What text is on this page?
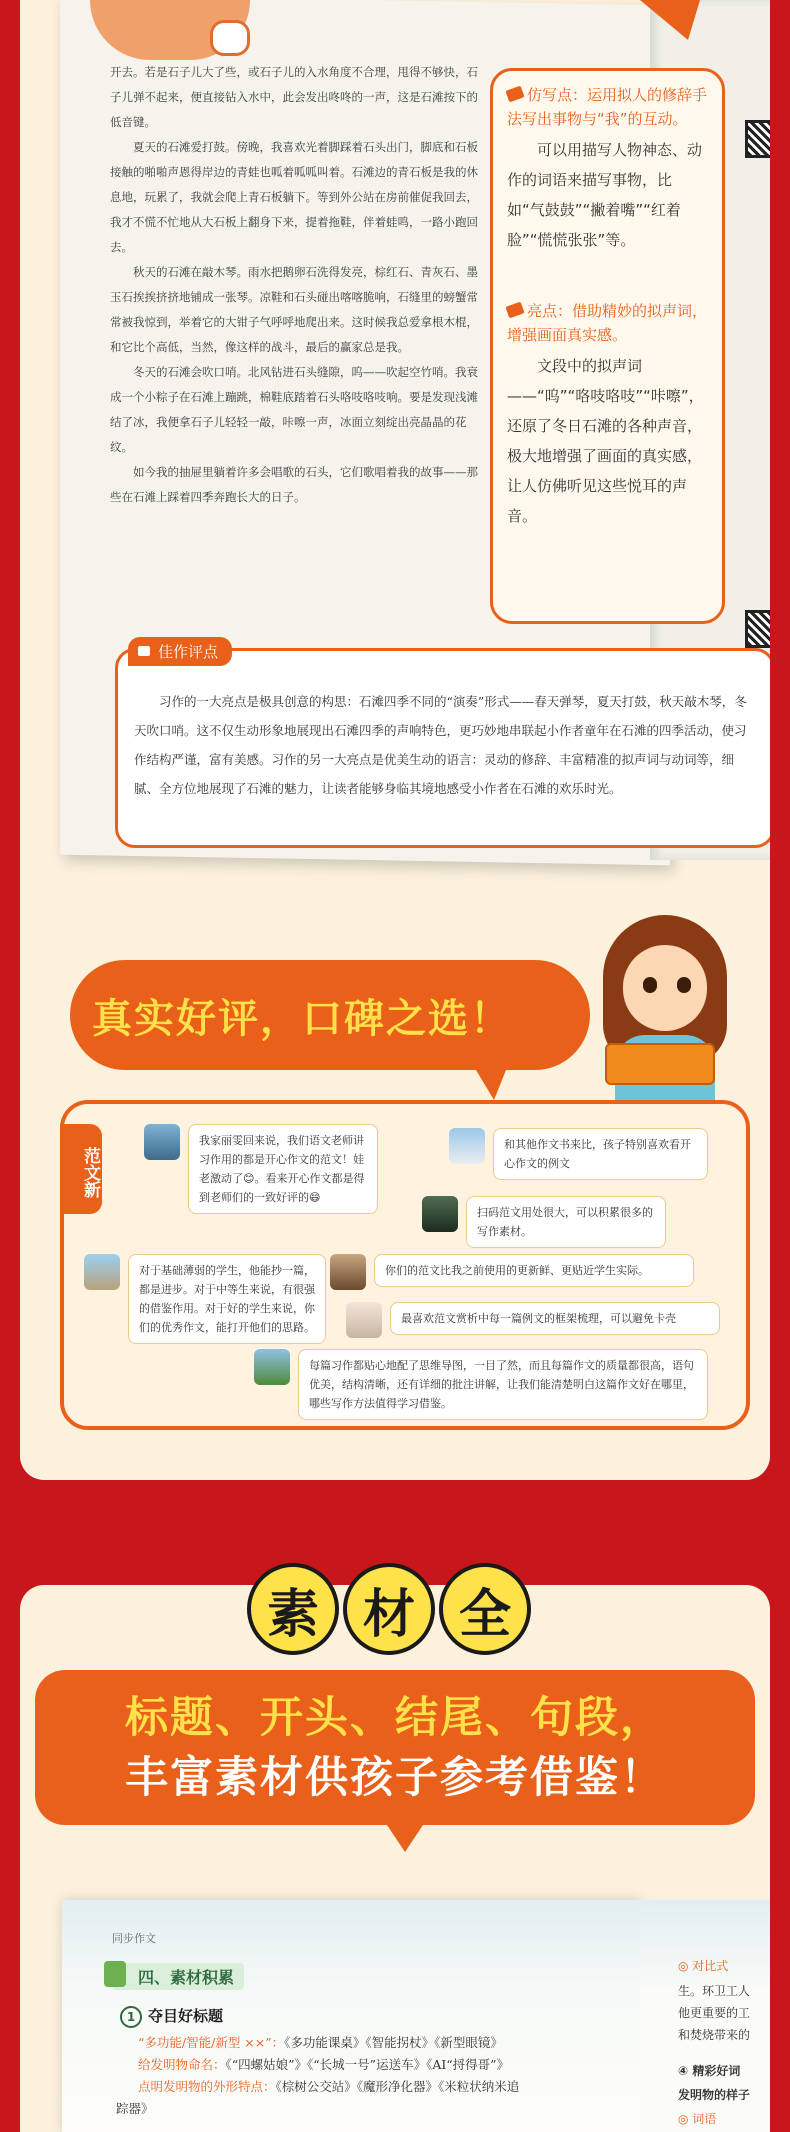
开去。若是石子儿大了些，或石子儿的入水角度不合理，甩得不够快，石子儿弹不起来，便直接钻入水中，此会发出咚咚的一声，这是石滩按下的低音键。

夏天的石滩爱打鼓。傍晚，我喜欢光着脚踩着石头出门，脚底和石板接触的啪啪声恩得岸边的青蛙也呱着呱呱叫着。石滩边的青石板是我的休息地，玩累了，我就会爬上青石板躺下。等到外公站在房前催促我回去，我才不慌不忙地从大石板上翻身下来，提着拖鞋，伴着蛙鸣，一路小跑回去。

秋天的石滩在敲木琴。雨水把鹅卵石洗得发亮，棕红石、青灰石、墨玉石挨挨挤挤地铺成一张琴。凉鞋和石头碰出喀喀脆响，石缝里的螃蟹常常被我惊到，举着它的大钳子气呼呼地爬出来。这时候我总爱拿根木棍，和它比个高低，当然，像这样的战斗，最后的赢家总是我。

冬天的石滩会吹口哨。北风钻进石头缝隙，呜——吹起空竹哨。我衰成一个小粽子在石滩上蹦跳，棉鞋底踏着石头咯吱咯吱响。要是发现浅滩结了冰，我便拿石子儿轻轻一敲，咔嚓一声，冰面立刻绽出亮晶晶的花纹。

如今我的抽屉里躺着许多会唱歌的石头，它们歌唱着我的故事——那些在石滩上踩着四季奔跑长大的日子。

仿写点：运用拟人的修辞手法写出事物与“我”的互动。
可以用描写人物神态、动作的词语来描写事物，比如“气鼓鼓”“撇着嘴”“红着脸”“慌慌张张”等。
亮点：借助精妙的拟声词，增强画面真实感。
文段中的拟声词——“呜”“咯吱咯吱”“咔嚓”，还原了冬日石滩的各种声音，极大地增强了画面的真实感，让人仿佛听见这些悦耳的声音。
佳作评点

习作的一大亮点是极具创意的构思：石滩四季不同的“演奏”形式——春天弹琴，夏天打鼓，秋天敲木琴，冬天吹口哨。这不仅生动形象地展现出石滩四季的声响特色，更巧妙地串联起小作者童年在石滩的四季活动，使习作结构严谨，富有美感。习作的另一大亮点是优美生动的语言：灵动的修辞、丰富精准的拟声词与动词等，细腻、全方位地展现了石滩的魅力，让读者能够身临其境地感受小作者在石滩的欢乐时光。

真实好评，口碑之选！
范文新
我家丽雯回来说，我们语文老师讲习作用的都是开心作文的范文！娃老激动了😊。看来开心作文都是得到老师们的一致好评的😄
和其他作文书来比，孩子特别喜欢看开心作文的例文
扫码范文用处很大，可以积累很多的写作素材。
对于基础薄弱的学生，他能抄一篇，都是进步。对于中等生来说，有很强的借鉴作用。对于好的学生来说，你们的优秀作文，能打开他们的思路。
你们的范文比我之前使用的更新鲜、更贴近学生实际。
最喜欢范文赏析中每一篇例文的框架梳理，可以避免卡壳
每篇习作都贴心地配了思维导图，一目了然，而且每篇作文的质量都很高，语句优美，结构清晰，还有详细的批注讲解，让我们能清楚明白这篇作文好在哪里，哪些写作方法值得学习借鉴。
素 材 全
标题、开头、结尾、句段，
丰富素材供孩子参考借鉴！
同步作文
四、素材积累
1 夺目好标题
“多功能/智能/新型 ××”：《多功能课桌》《智能拐杖》《新型眼镜》
给发明物命名：《“四螺姑娘”》《“长城一号”运送车》《AI“捋得哥”》
点明发明物的外形特点：《棕树公交站》《魔形净化器》《米粒状纳米追
踪器》
◎ 对比式
生。环卫工人
他更重要的工
和焚烧带来的
④ 精彩好词
发明物的样子
◎ 词语
